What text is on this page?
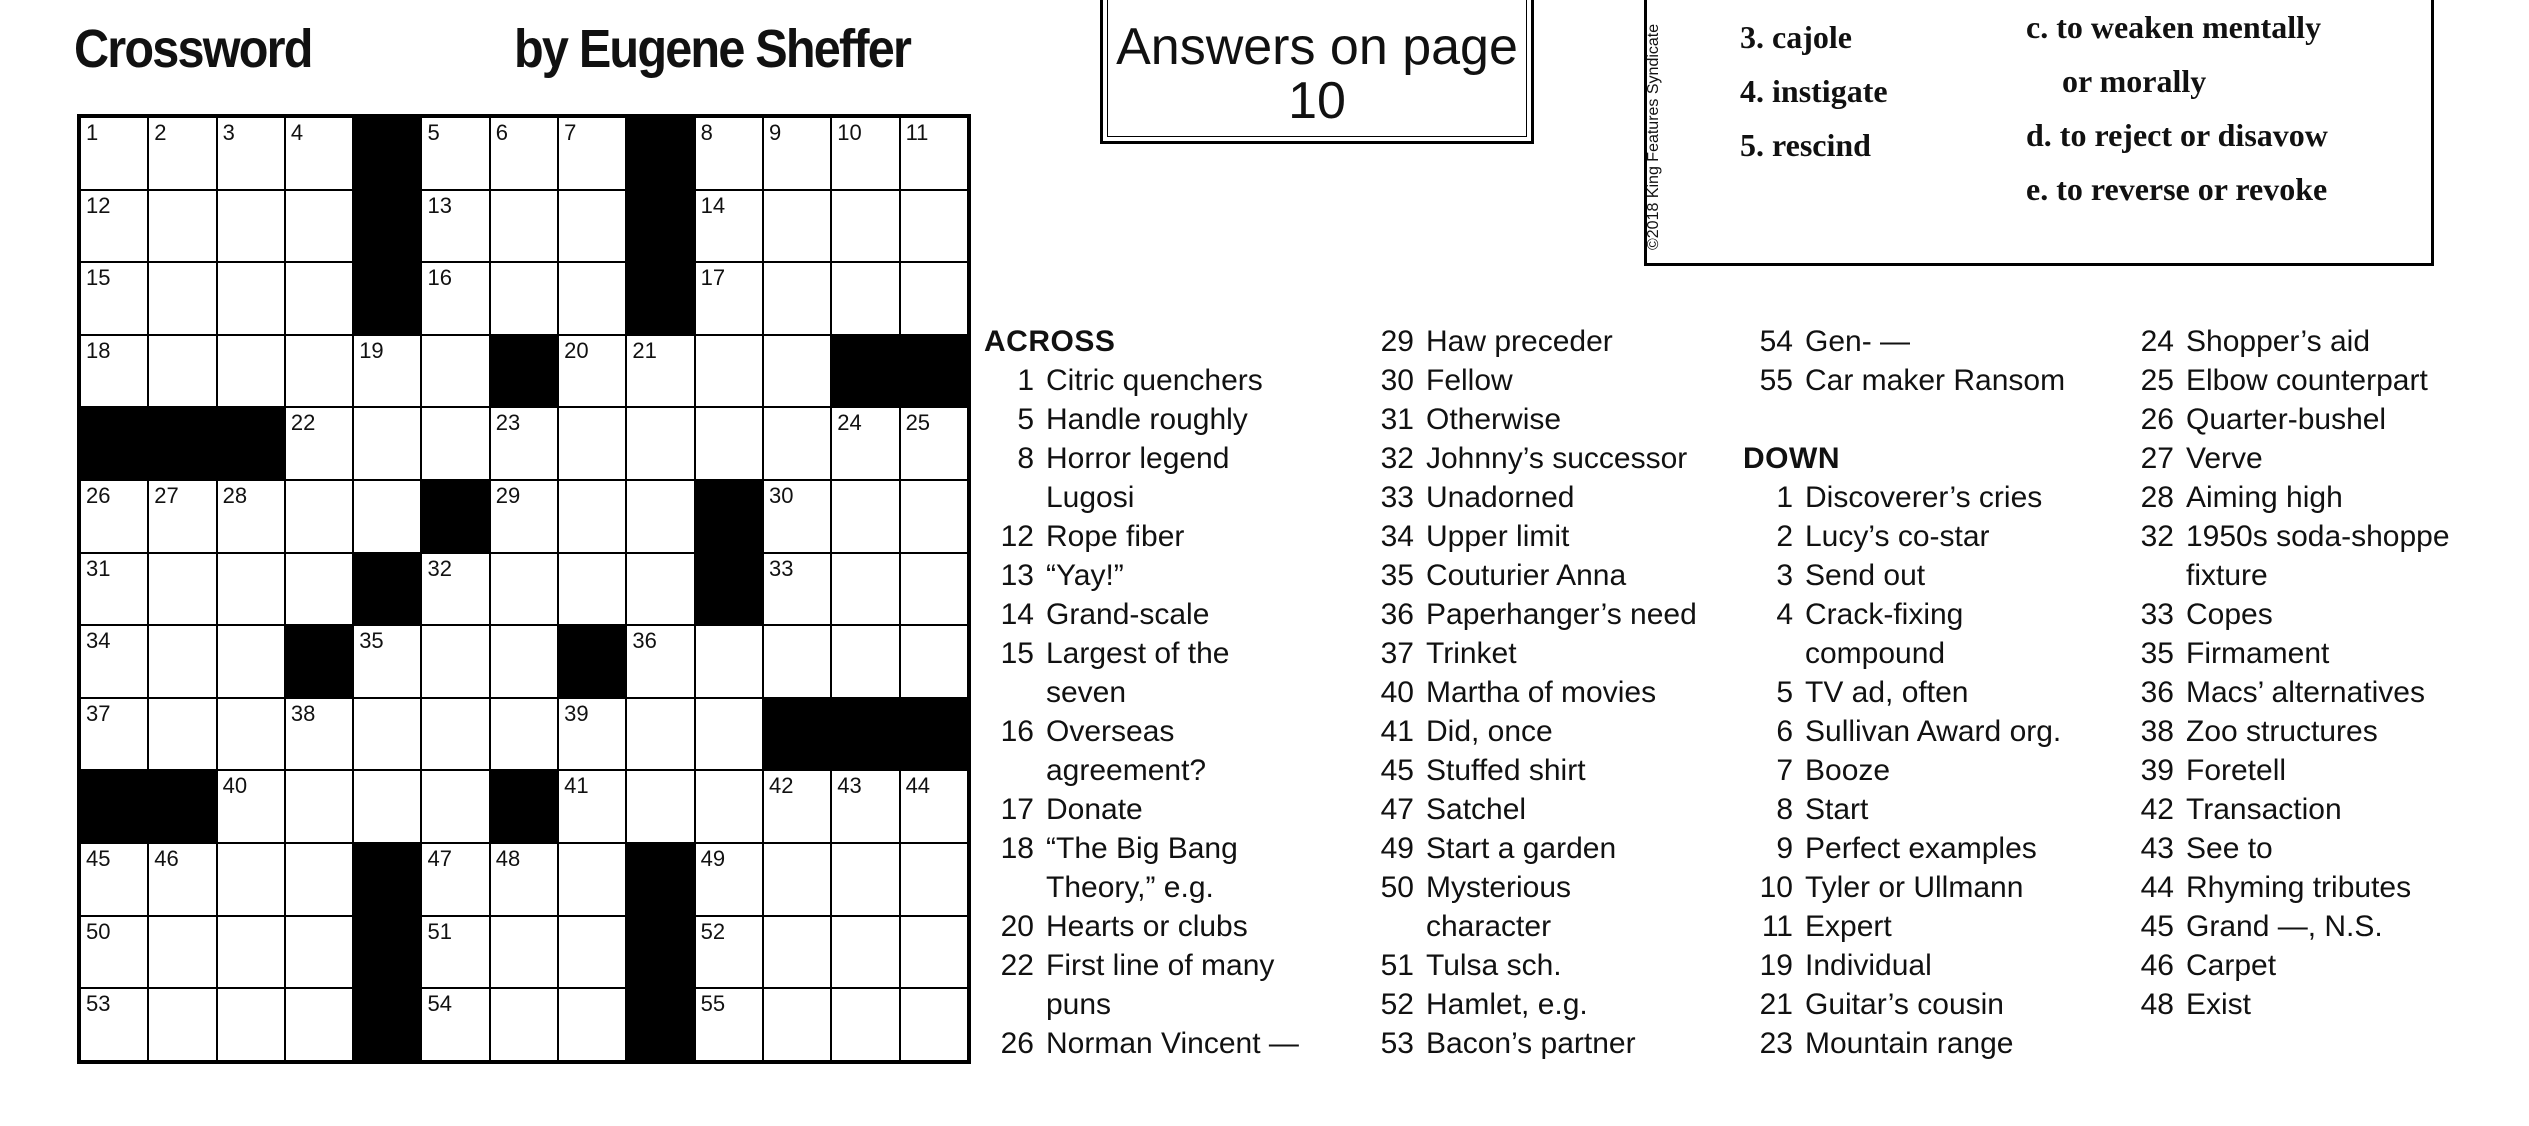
Crossword	by Eugene Sheffer
1	2	3	4	5	6	7	8	9	10 11
12	13	14
15	16	17
18	19	20 21
22	23	24 25
26 27 28	29	30
31	32	33
34	35	36
37	38	39
40	41	42 43 44
45 46	47 48	49
50	51	52
53	54	55
Answers on page
10	©2018 King Features Syndicate 3. cajole
4. instigate
5. rescind
c. to weaken mentally
or morally
d. to reject or disavow
e. to reverse or revoke
ACROSS
1 Citric quenchers
5 Handle roughly
8 Horror legend
Lugosi
12 Rope fiber
13 “Yay!”
14 Grand-scale
15 Largest of the
seven
16 Overseas
agreement?
17 Donate
18 “The Big Bang
Theory,” e.g.
20 Hearts or clubs
22 First line of many
puns
26 Norman Vincent —
29 Haw preceder
30 Fellow
31 Otherwise
32 Johnny’s successor
33 Unadorned
34 Upper limit
35 Couturier Anna
36 Paperhanger’s need
37 Trinket
40 Martha of movies
41 Did, once
45 Stuffed shirt
47 Satchel
49 Start a garden
50 Mysterious
character
51 Tulsa sch.
52 Hamlet, e.g.
53 Bacon’s partner
54 Gen- —
55 Car maker Ransom
DOWN
1 Discoverer’s cries
2 Lucy’s co-star
3 Send out
4 Crack-fixing
compound
5 TV ad, often
6 Sullivan Award org.
7 Booze
8 Start
9 Perfect examples
10 Tyler or Ullmann
11 Expert
19 Individual
21 Guitar’s cousin
23 Mountain range
24 Shopper’s aid
25 Elbow counterpart
26 Quarter-bushel
27 Verve
28 Aiming high
32 1950s soda-shoppe
fixture
33 Copes
35 Firmament
36 Macs’ alternatives
38 Zoo structures
39 Foretell
42 Transaction
43 See to
44 Rhyming tributes
45 Grand —, N.S.
46 Carpet
48 Exist
